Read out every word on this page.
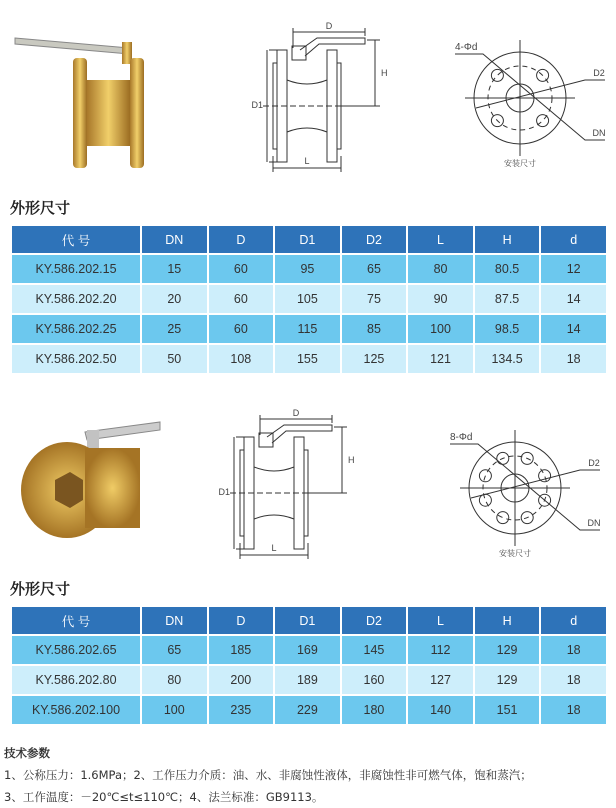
D
H
D1
L
4-Φd
D2
DN
安装尺寸
外形尺寸
代 号	DN	D	D1	D2	L	H	d
KY.586.202.15	15	60	95	65	80	80.5	12
KY.586.202.20	20	60	105	75	90	87.5	14
KY.586.202.25	25	60	115	85	100	98.5	14
KY.586.202.50	50	108	155	125	121	134.5	18
D
H
D1
L
8-Φd
D2
DN
安装尺寸
外形尺寸
代 号	DN	D	D1	D2	L	H	d
KY.586.202.65	65	185	169	145	112	129	18
KY.586.202.80	80	200	189	160	127	129	18
KY.586.202.100	100	235	229	180	140	151	18
技术参数
1、公称压力：1.6MPa；2、工作压力介质：油、水、非腐蚀性液体，非腐蚀性非可燃气体，饱和蒸汽；
3、工作温度：－20℃≤t≤110℃；4、法兰标准：GB9113。
